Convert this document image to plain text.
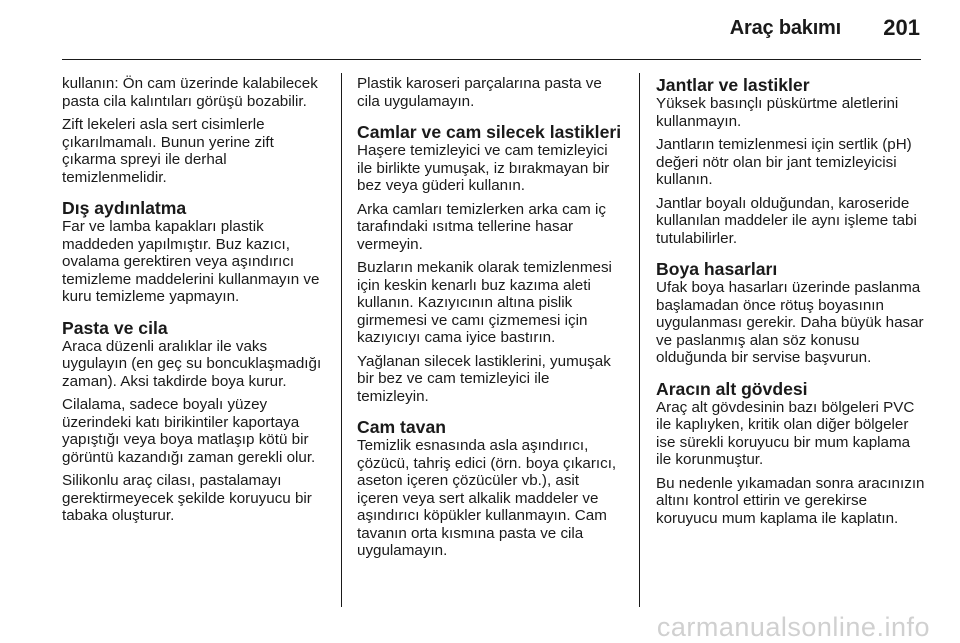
Araç bakımı 201

kullanın: Ön cam üzerinde kalabilecek pasta cila kalıntıları görüşü bozabilir.

Zift lekeleri asla sert cisimlerle çıkarılmamalı. Bunun yerine zift çıkarma spreyi ile derhal temizlenmelidir.

Dış aydınlatma

Far ve lamba kapakları plastik maddeden yapılmıştır. Buz kazıcı, ovalama gerektiren veya aşındırıcı temizleme maddelerini kullanmayın ve kuru temizleme yapmayın.

Pasta ve cila

Araca düzenli aralıklar ile vaks uygulayın (en geç su boncuklaşmadığı zaman). Aksi takdirde boya kurur.

Cilalama, sadece boyalı yüzey üzerindeki katı birikintiler kaportaya yapıştığı veya boya matlaşıp kötü bir görüntü kazandığı zaman gerekli olur.

Silikonlu araç cilası, pastalamayı gerektirmeyecek şekilde koruyucu bir tabaka oluşturur.

Plastik karoseri parçalarına pasta ve cila uygulamayın.

Camlar ve cam silecek lastikleri

Haşere temizleyici ve cam temizleyici ile birlikte yumuşak, iz bırakmayan bir bez veya güderi kullanın.

Arka camları temizlerken arka cam iç tarafındaki ısıtma tellerine hasar vermeyin.

Buzların mekanik olarak temizlenmesi için keskin kenarlı buz kazıma aleti kullanın. Kazıyıcının altına pislik girmemesi ve camı çizmemesi için kazıyıcıyı cama iyice bastırın.

Yağlanan silecek lastiklerini, yumuşak bir bez ve cam temizleyici ile temizleyin.

Cam tavan

Temizlik esnasında asla aşındırıcı, çözücü, tahriş edici (örn. boya çıkarıcı, aseton içeren çözücüler vb.), asit içeren veya sert alkalik maddeler ve aşındırıcı köpükler kullanmayın. Cam tavanın orta kısmına pasta ve cila uygulamayın.

Jantlar ve lastikler

Yüksek basınçlı püskürtme aletlerini kullanmayın.

Jantların temizlenmesi için sertlik (pH) değeri nötr olan bir jant temizleyicisi kullanın.

Jantlar boyalı olduğundan, karoseride kullanılan maddeler ile aynı işleme tabi tutulabilirler.

Boya hasarları

Ufak boya hasarları üzerinde paslanma başlamadan önce rötuş boyasının uygulanması gerekir. Daha büyük hasar ve paslanmış alan söz konusu olduğunda bir servise başvurun.

Aracın alt gövdesi

Araç alt gövdesinin bazı bölgeleri PVC ile kaplıyken, kritik olan diğer bölgeler ise sürekli koruyucu bir mum kaplama ile korunmuştur.

Bu nedenle yıkamadan sonra aracınızın altını kontrol ettirin ve gerekirse koruyucu mum kaplama ile kaplatın.

carmanualsonline.info
